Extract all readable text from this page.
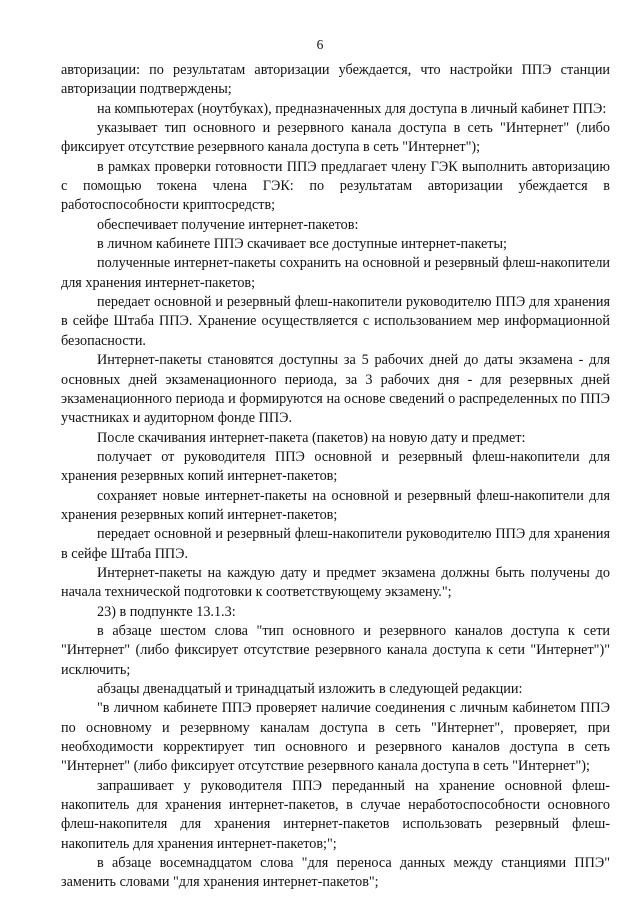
6

авторизации: по результатам авторизации убеждается, что настройки ППЭ станции авторизации подтверждены;

на компьютерах (ноутбуках), предназначенных для доступа в личный кабинет ППЭ:

указывает тип основного и резервного канала доступа в сеть "Интернет" (либо фиксирует отсутствие резервного канала доступа в сеть "Интернет");

в рамках проверки готовности ППЭ предлагает члену ГЭК выполнить авторизацию с помощью токена члена ГЭК: по результатам авторизации убеждается в работоспособности криптосредств;

обеспечивает получение интернет-пакетов:

в личном кабинете ППЭ скачивает все доступные интернет-пакеты;

полученные интернет-пакеты сохранить на основной и резервный флеш-накопители для хранения интернет-пакетов;

передает основной и резервный флеш-накопители руководителю ППЭ для хранения в сейфе Штаба ППЭ. Хранение осуществляется с использованием мер информационной безопасности.

Интернет-пакеты становятся доступны за 5 рабочих дней до даты экзамена - для основных дней экзаменационного периода, за 3 рабочих дня - для резервных дней экзаменационного периода и формируются на основе сведений о распределенных по ППЭ участниках и аудиторном фонде ППЭ.

После скачивания интернет-пакета (пакетов) на новую дату и предмет:

получает от руководителя ППЭ основной и резервный флеш-накопители для хранения резервных копий интернет-пакетов;

сохраняет новые интернет-пакеты на основной и резервный флеш-накопители для хранения резервных копий интернет-пакетов;

передает основной и резервный флеш-накопители руководителю ППЭ для хранения в сейфе Штаба ППЭ.

Интернет-пакеты на каждую дату и предмет экзамена должны быть получены до начала технической подготовки к соответствующему экзамену.";

23) в подпункте 13.1.3:

в абзаце шестом слова "тип основного и резервного каналов доступа к сети "Интернет" (либо фиксирует отсутствие резервного канала доступа к сети "Интернет")" исключить;

абзацы двенадцатый и тринадцатый изложить в следующей редакции:

"в личном кабинете ППЭ проверяет наличие соединения с личным кабинетом ППЭ по основному и резервному каналам доступа в сеть "Интернет", проверяет, при необходимости корректирует тип основного и резервного каналов доступа в сеть "Интернет" (либо фиксирует отсутствие резервного канала доступа в сеть "Интернет");

запрашивает у руководителя ППЭ переданный на хранение основной флеш-накопитель для хранения интернет-пакетов, в случае неработоспособности основного флеш-накопителя для хранения интернет-пакетов использовать резервный флеш-накопитель для хранения интернет-пакетов;";

в абзаце восемнадцатом слова "для переноса данных между станциями ППЭ" заменить словами "для хранения интернет-пакетов";
